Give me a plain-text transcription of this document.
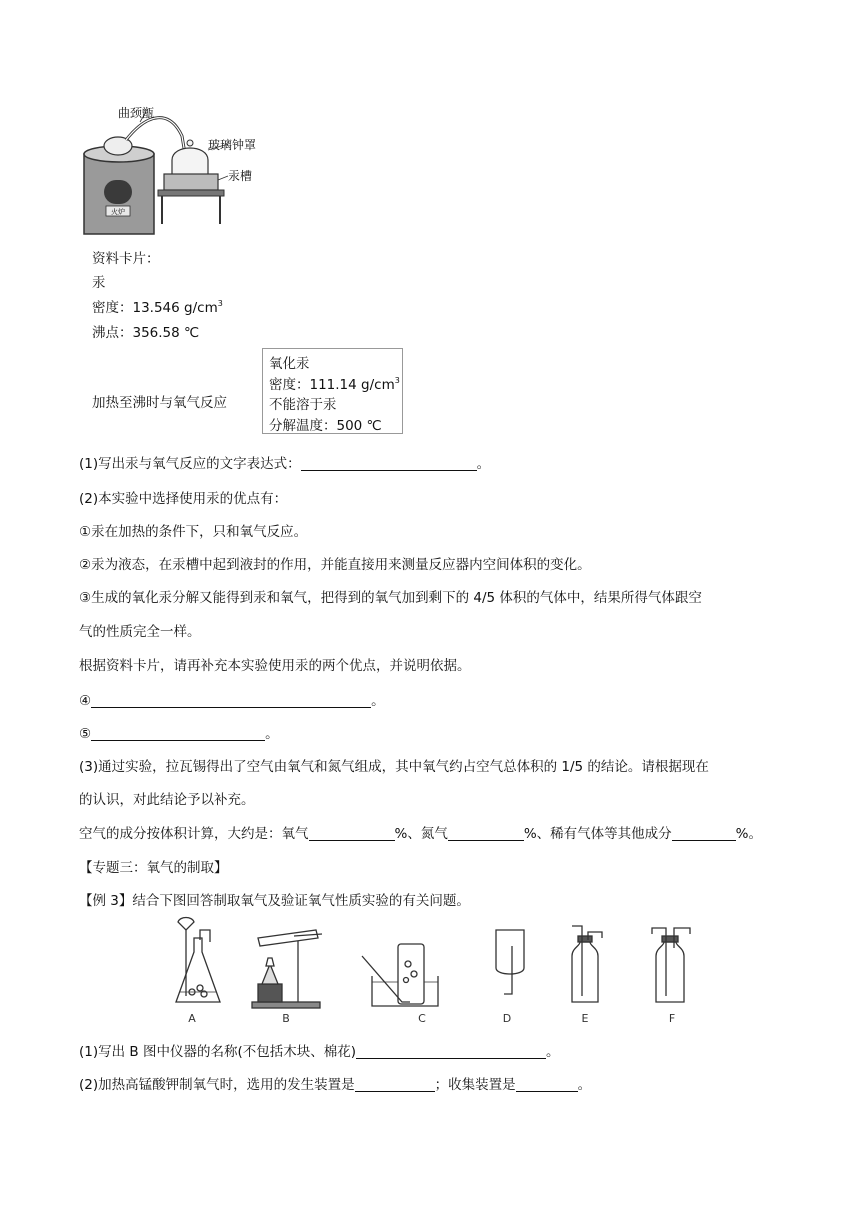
火炉
曲颈甑
玻璃钟罩
汞槽
资料卡片：
汞
密度：13.546 $g/cm^3$
沸点：356.58 ℃
加热至沸时与氧气反应
氧化汞
密度：111.14 $g/cm^3$
不能溶于汞
分解温度：500 ℃
(1)写出汞与氧气反应的文字表达式：	。
(2)本实验中选择使用汞的优点有：
①汞在加热的条件下，只和氧气反应。
②汞为液态，在汞槽中起到液封的作用，并能直接用来测量反应器内空间体积的变化。
③生成的氧化汞分解又能得到汞和氧气，把得到的氧气加到剩下的 4/5 体积的气体中，结果所得气体跟空
气的性质完全一样。
根据资料卡片，请再补充本实验使用汞的两个优点，并说明依据。
④	。
⑤	。
(3)通过实验，拉瓦锡得出了空气由氧气和氮气组成，其中氧气约占空气总体积的 1/5 的结论。请根据现在
的认识，对此结论予以补充。
空气的成分按体积计算，大约是：氧气	%、氮气	%、稀有气体等其他成分	%。
【专题三：氧气的制取】
【例 3】结合下图回答制取氧气及验证氧气性质实验的有关问题。
A	B	C	D	E	F
(1)写出 B 图中仪器的名称(不包括木块、棉花)	。
(2)加热高锰酸钾制氧气时，选用的发生装置是	；收集装置是	。
